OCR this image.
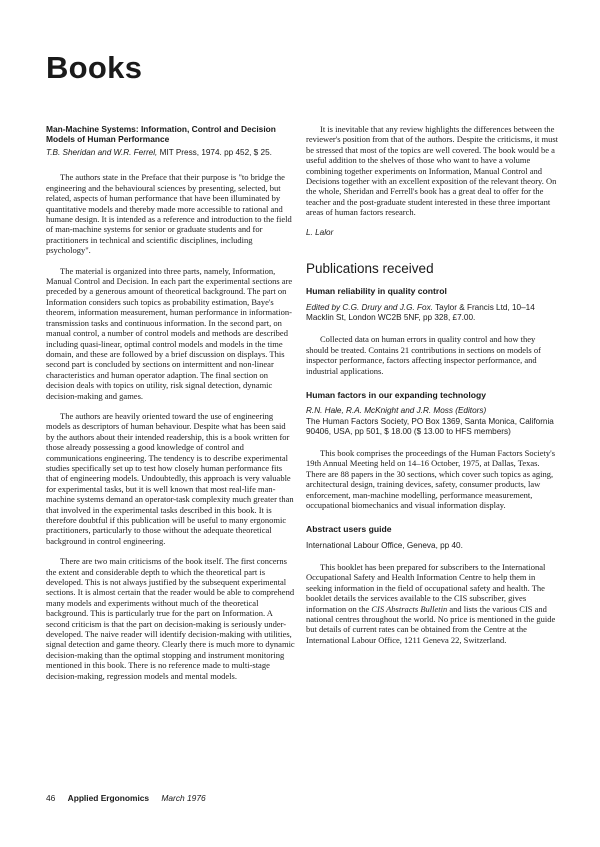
Books
Man-Machine Systems: Information, Control and Decision Models of Human Performance
T.B. Sheridan and W.R. Ferrel, MIT Press, 1974. pp 452, $ 25.

The authors state in the Preface that their purpose is "to bridge the engineering and the behavioural sciences by presenting, selected, but related, aspects of human performance that have been illuminated by quantitative models and thereby made more accessible to rational and humane design. It is intended as a reference and introduction to the field of man-machine systems for senior or graduate students and for practitioners in technical and scientific disciplines, including psychology".

The material is organized into three parts, namely, Information, Manual Control and Decision. In each part the experimental sections are preceded by a generous amount of theoretical background. The part on Information considers such topics as probability estimation, Baye's theorem, information measurement, human performance in information-transmission tasks and continuous information. In the second part, on manual control, a number of control models and methods are described including quasi-linear, optimal control models and models in the time domain, and these are followed by a brief discussion on displays. This second part is concluded by sections on intermittent and non-linear characteristics and human operator adaption. The final section on decision deals with topics on utility, risk signal detection, dynamic decision-making and games.

The authors are heavily oriented toward the use of engineering models as descriptors of human behaviour. Despite what has been said by the authors about their intended readership, this is a book written for those already possessing a good knowledge of control and communications engineering. The tendency is to describe experimental studies specifically set up to test how closely human performance fits that of engineering models. Undoubtedly, this approach is very valuable for experimental tasks, but it is well known that most real-life man-machine systems demand an operator-task complexity much greater than that involved in the experimental tasks described in this book. It is therefore doubtful if this publication will be useful to many ergonomic practitioners, particularly to those without the adequate theoretical background in control engineering.

There are two main criticisms of the book itself. The first concerns the extent and considerable depth to which the theoretical part is developed. This is not always justified by the subsequent experimental sections. It is almost certain that the reader would be able to comprehend many models and experiments without much of the theoretical background. This is particularly true for the part on Information. A second criticism is that the part on decision-making is seriously under-developed. The naive reader will identify decision-making with utilities, signal detection and game theory. Clearly there is much more to dynamic decision-making than the optimal stopping and instrument monitoring mentioned in this book. There is no reference made to multi-stage decision-making, regression models and mental models.

It is inevitable that any review highlights the differences between the reviewer's position from that of the authors. Despite the criticisms, it must be stressed that most of the topics are well covered. The book would be a useful addition to the shelves of those who want to have a volume combining together experiments on Information, Manual Control and Decisions together with an excellent exposition of the relevant theory. On the whole, Sheridan and Ferrell's book has a great deal to offer for the teacher and the post-graduate student interested in these three important areas of human factors research.

L. Lalor

Publications received
Human reliability in quality control
Edited by C.G. Drury and J.G. Fox. Taylor & Francis Ltd, 10–14 Macklin St, London WC2B 5NF, pp 328, £7.00.

Collected data on human errors in quality control and how they should be treated. Contains 21 contributions in sections on models of inspector performance, factors affecting inspector performance, and industrial applications.

Human factors in our expanding technology
R.N. Hale, R.A. McKnight and J.R. Moss (Editors)
The Human Factors Society, PO Box 1369, Santa Monica, California 90406, USA, pp 501, $ 18.00 ($ 13.00 to HFS members)

This book comprises the proceedings of the Human Factors Society's 19th Annual Meeting held on 14–16 October, 1975, at Dallas, Texas. There are 88 papers in the 30 sections, which cover such topics as aging, architectural design, training devices, safety, consumer products, law enforcement, man-machine modelling, performance measurement, occupational biomechanics and visual information display.

Abstract users guide
International Labour Office, Geneva, pp 40.

This booklet has been prepared for subscribers to the International Occupational Safety and Health Information Centre to help them in seeking information in the field of occupational safety and health. The booklet details the services available to the CIS subscriber, gives information on the CIS Abstracts Bulletin and lists the various CIS and national centres throughout the world. No price is mentioned in the guide but details of current rates can be obtained from the Centre at the International Labour Office, 1211 Geneva 22, Switzerland.

46 Applied Ergonomics March 1976
